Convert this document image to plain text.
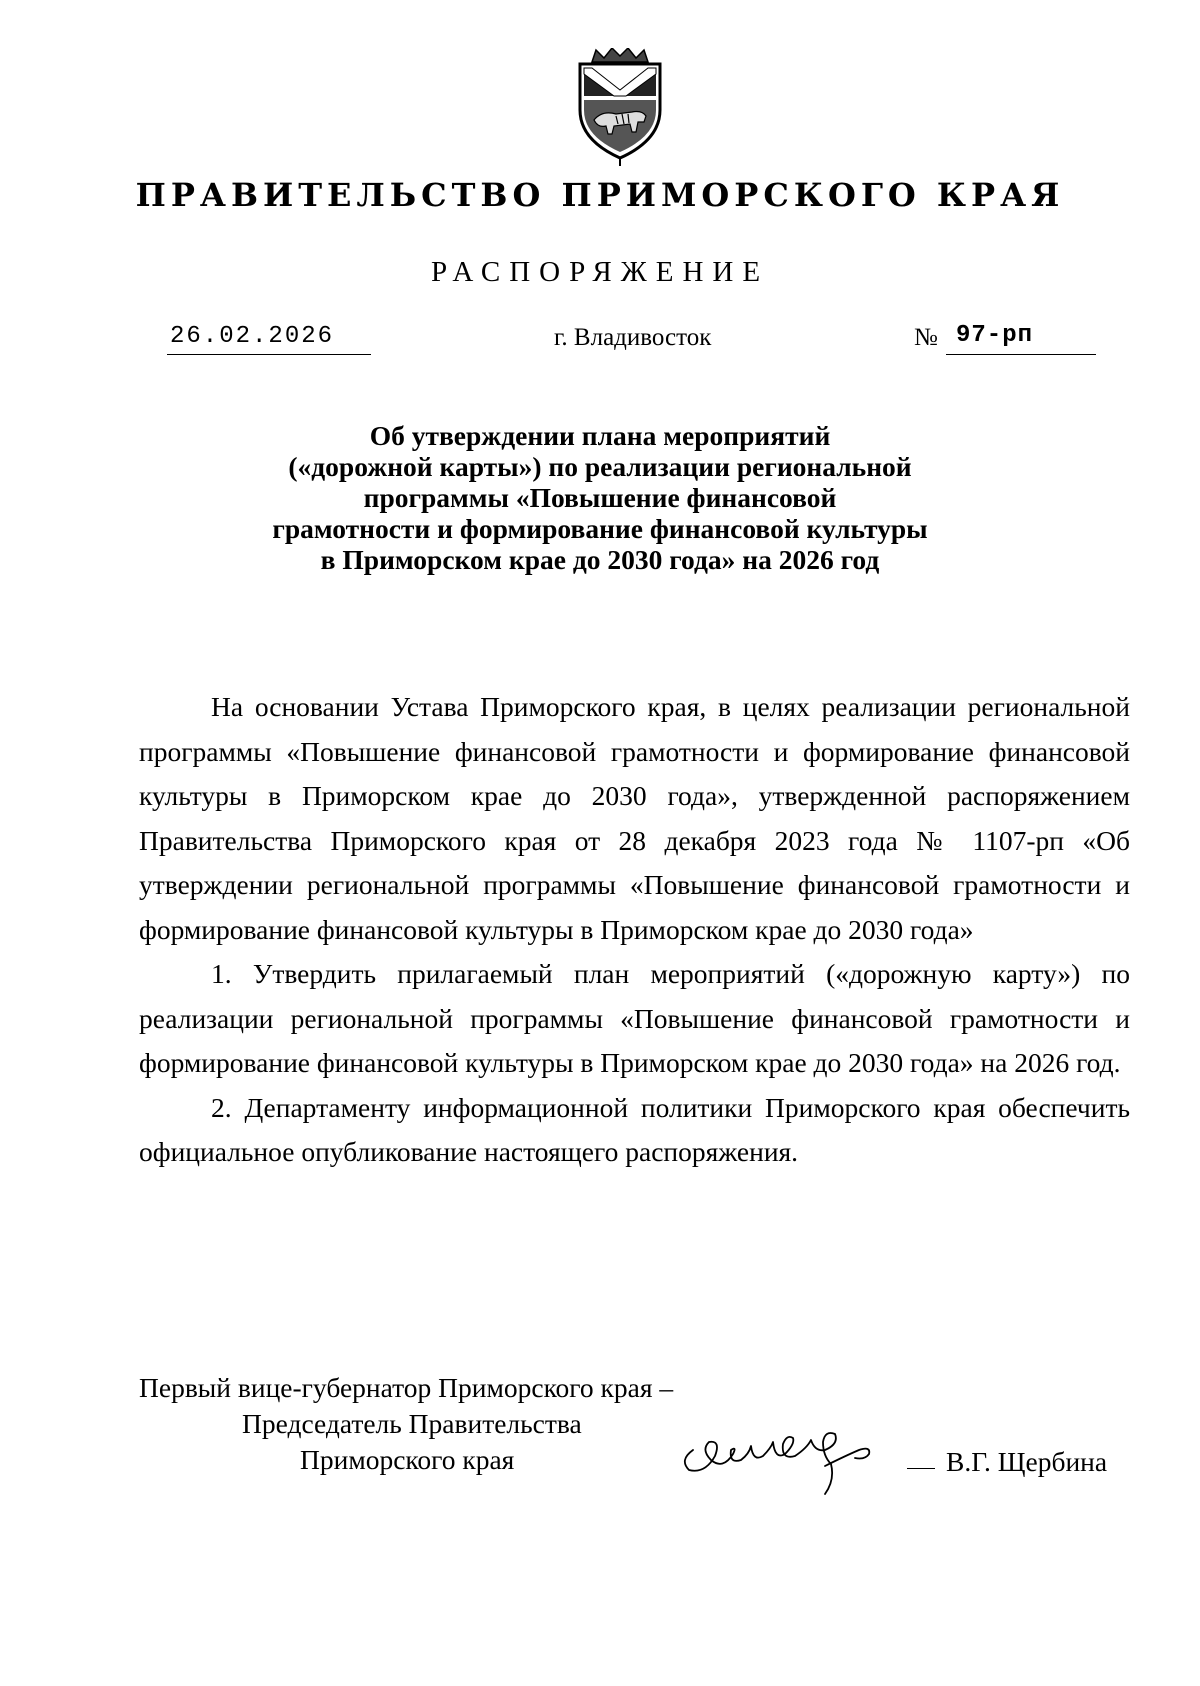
ПРАВИТЕЛЬСТВО ПРИМОРСКОГО КРАЯ
РАСПОРЯЖЕНИЕ
26.02.2026	г. Владивосток	№ 97-рп
Об утверждении плана мероприятий
(«дорожной карты») по реализации региональной
программы «Повышение финансовой
грамотности и формирование финансовой культуры
в Приморском крае до 2030 года» на 2026 год

На основании Устава Приморского края, в целях реализации региональной программы «Повышение финансовой грамотности и формирование финансовой культуры в Приморском крае до 2030 года», утвержденной распоряжением Правительства Приморского края от 28 декабря 2023 года № 1107-рп «Об утверждении региональной программы «Повышение финансовой грамотности и формирование финансовой культуры в Приморском крае до 2030 года»

1. Утвердить прилагаемый план мероприятий («дорожную карту») по реализации региональной программы «Повышение финансовой грамотности и формирование финансовой культуры в Приморском крае до 2030 года» на 2026 год.

2. Департаменту информационной политики Приморского края обеспечить официальное опубликование настоящего распоряжения.

Первый вице-губернатор Приморского края –
Председатель Правительства
Приморского края	В.Г. Щербина
